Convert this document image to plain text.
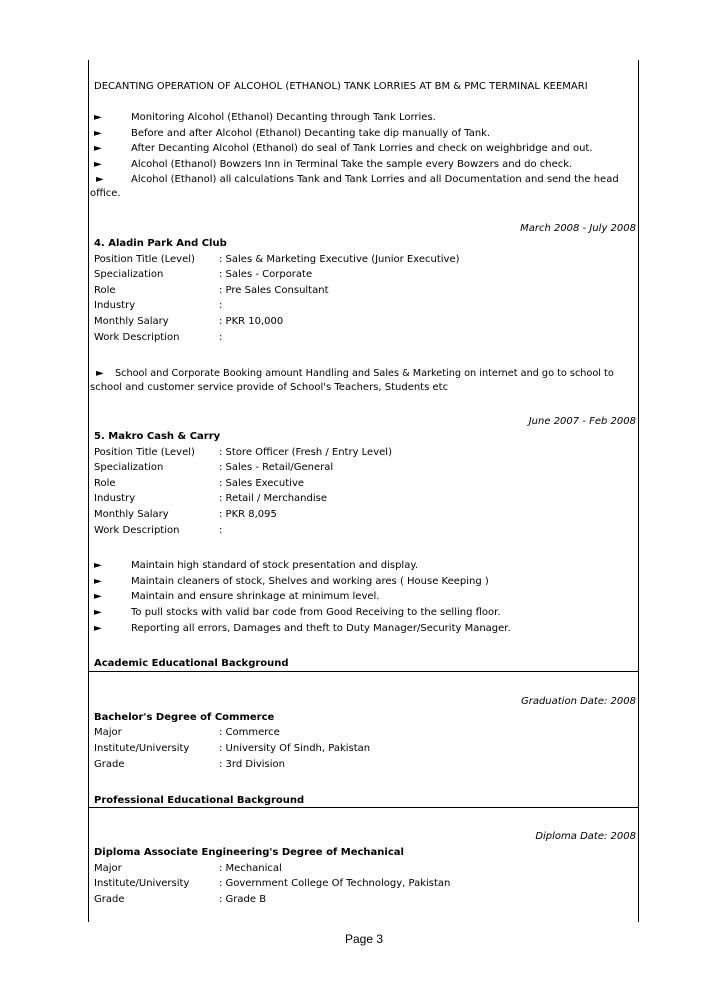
DECANTING OPERATION OF ALCOHOL (ETHANOL) TANK LORRIES AT BM & PMC TERMINAL KEEMARI
►	Monitoring Alcohol (Ethanol) Decanting through Tank Lorries.
►	Before and after Alcohol (Ethanol) Decanting take dip manually of Tank.
►	After Decanting Alcohol (Ethanol) do seal of Tank Lorries and check on weighbridge and out.
►	Alcohol (Ethanol) Bowzers Inn in Terminal Take the sample every Bowzers and do check.
►	Alcohol (Ethanol) all calculations Tank and Tank Lorries and all Documentation and send the head
office.
March 2008 - July 2008
4. Aladin Park And Club
Position Title (Level) : Sales & Marketing Executive (Junior Executive)
Specialization	: Sales - Corporate
Role	: Pre Sales Consultant
Industry	:
Monthly Salary	: PKR 10,000
Work Description	:
► School and Corporate Booking amount Handling and Sales & Marketing on internet and go to school to
school and customer service provide of School's Teachers, Students etc
June 2007 - Feb 2008
5. Makro Cash & Carry
Position Title (Level) : Store Officer (Fresh / Entry Level)
Specialization	: Sales - Retail/General
Role	: Sales Executive
Industry	: Retail / Merchandise
Monthly Salary	: PKR 8,095
Work Description	:
►	Maintain high standard of stock presentation and display.
►	Maintain cleaners of stock, Shelves and working ares ( House Keeping )
►	Maintain and ensure shrinkage at minimum level.
►	To pull stocks with valid bar code from Good Receiving to the selling floor.
►	Reporting all errors, Damages and theft to Duty Manager/Security Manager.
Academic Educational Background
Graduation Date: 2008
Bachelor's Degree of Commerce
Major	: Commerce
Institute/University	: University Of Sindh, Pakistan
Grade	: 3rd Division
Professional Educational Background
Diploma Date: 2008
Diploma Associate Engineering's Degree of Mechanical
Major	: Mechanical
Institute/University	: Government College Of Technology, Pakistan
Grade	: Grade B
Page 3
